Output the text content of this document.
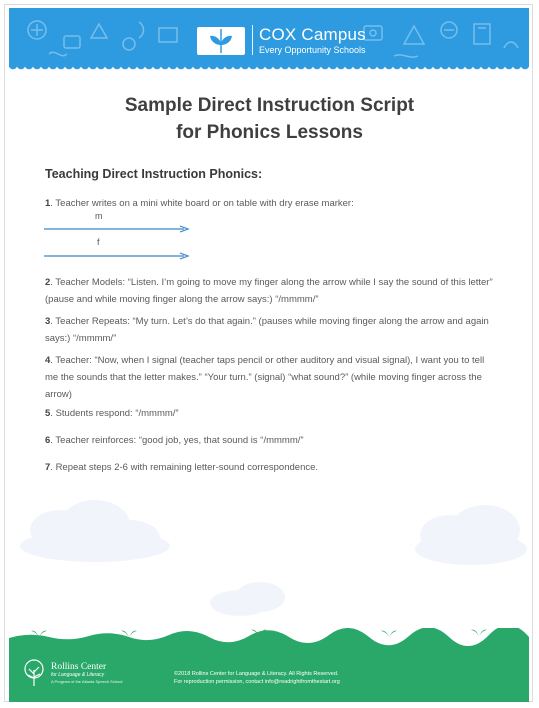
COX Campus
Every Opportunity Schools
Sample Direct Instruction Script
for Phonics Lessons
Teaching Direct Instruction Phonics:
1. Teacher writes on a mini white board or on table with dry erase marker:
m
f
2. Teacher Models: “Listen. I’m going to move my finger along the arrow while I say the sound of this letter” (pause and while moving finger along the arrow says:) “/mmmm/”
3. Teacher Repeats: “My turn. Let’s do that again.” (pauses while moving finger along the arrow and again says:) “/mmmm/”
4. Teacher: “Now, when I signal (teacher taps pencil or other auditory and visual signal), I want you to tell me the sounds that the letter makes.” “Your turn.” (signal) “what sound?” (while moving finger across the arrow)
5. Students respond: “/mmmm/”
6. Teacher reinforces: “good job, yes, that sound is “/mmmm/”
7. Repeat steps 2-6 with remaining letter-sound correspondence.
Rollins Center
for Language & Literacy
A Program of the Atlanta Speech School
©2018 Rollins Center for Language & Literacy. All Rights Reserved.
For reproduction permission, contact info@readrightfromthestart.org
